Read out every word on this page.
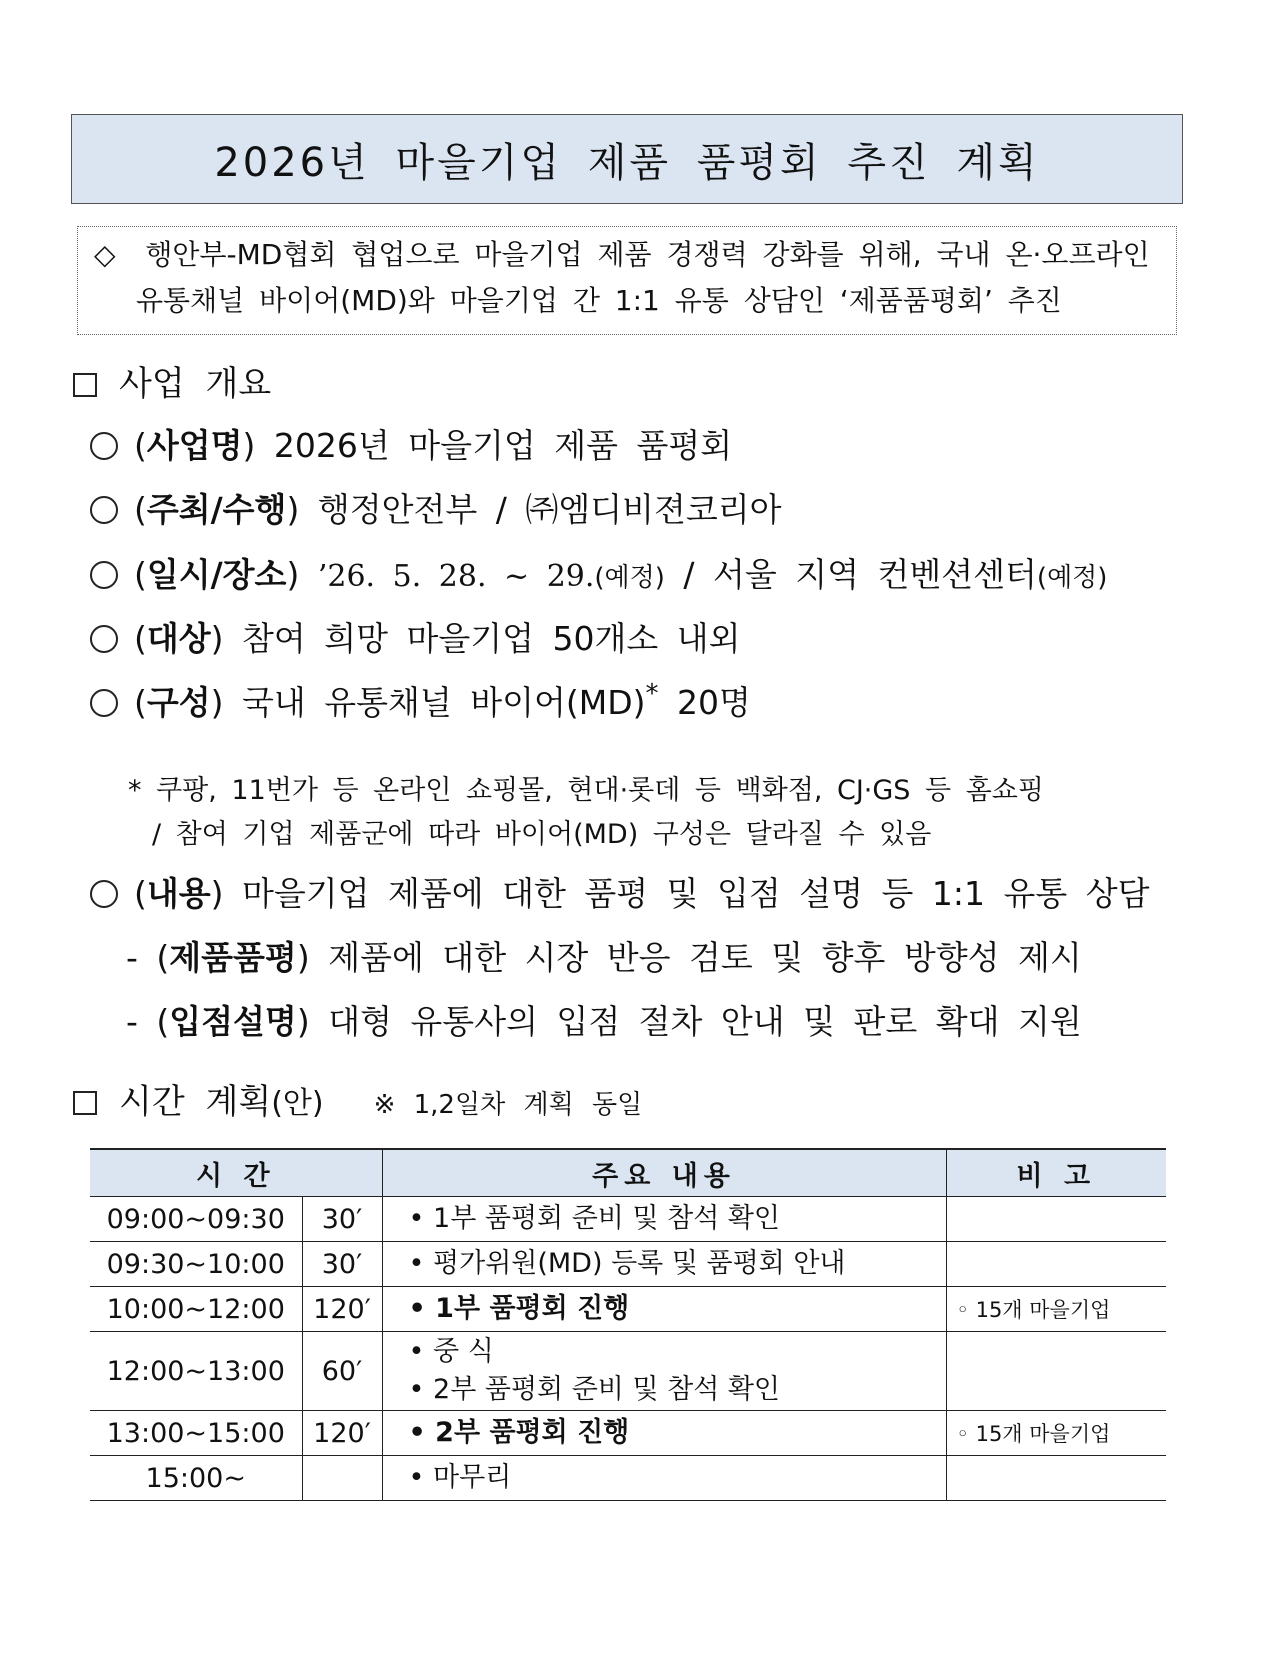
2026년 마을기업 제품 품평회 추진 계획
◇ 행안부-MD협회 협업으로 마을기업 제품 경쟁력 강화를 위해, 국내 온·오프라인
유통채널 바이어(MD)와 마을기업 간 1:1 유통 상담인 ‘제품품평회’ 추진
사업 개요
(사업명) 2026년 마을기업 제품 품평회
(주최/수행) 행정안전부 / ㈜엠디비젼코리아
(일시/장소) ’26. 5. 28. ~ 29.(예정) / 서울 지역 컨벤션센터(예정)
(대상) 참여 희망 마을기업 50개소 내외
(구성) 국내 유통채널 바이어(MD)* 20명
* 쿠팡, 11번가 등 온라인 쇼핑몰, 현대·롯데 등 백화점, CJ·GS 등 홈쇼핑
/ 참여 기업 제품군에 따라 바이어(MD) 구성은 달라질 수 있음
(내용) 마을기업 제품에 대한 품평 및 입점 설명 등 1:1 유통 상담
- (제품품평) 제품에 대한 시장 반응 검토 및 향후 방향성 제시
- (입점설명) 대형 유통사의 입점 절차 안내 및 판로 확대 지원
시간 계획(안) ※ 1,2일차 계획 동일
시 간		주요 내용	비 고
09:00~09:30	30′	• 1부 품평회 준비 및 참석 확인	

09:30~10:00	30′	• 평가위원(MD) 등록 및 품평회 안내	

10:00~12:00	120′	• 1부 품평회 진행	◦ 15개 마을기업
12:00~13:00	60′	• 중 식
• 2부 품평회 준비 및 참석 확인	

13:00~15:00	120′	• 2부 품평회 진행	◦ 15개 마을기업
15:00~		• 마무리	
